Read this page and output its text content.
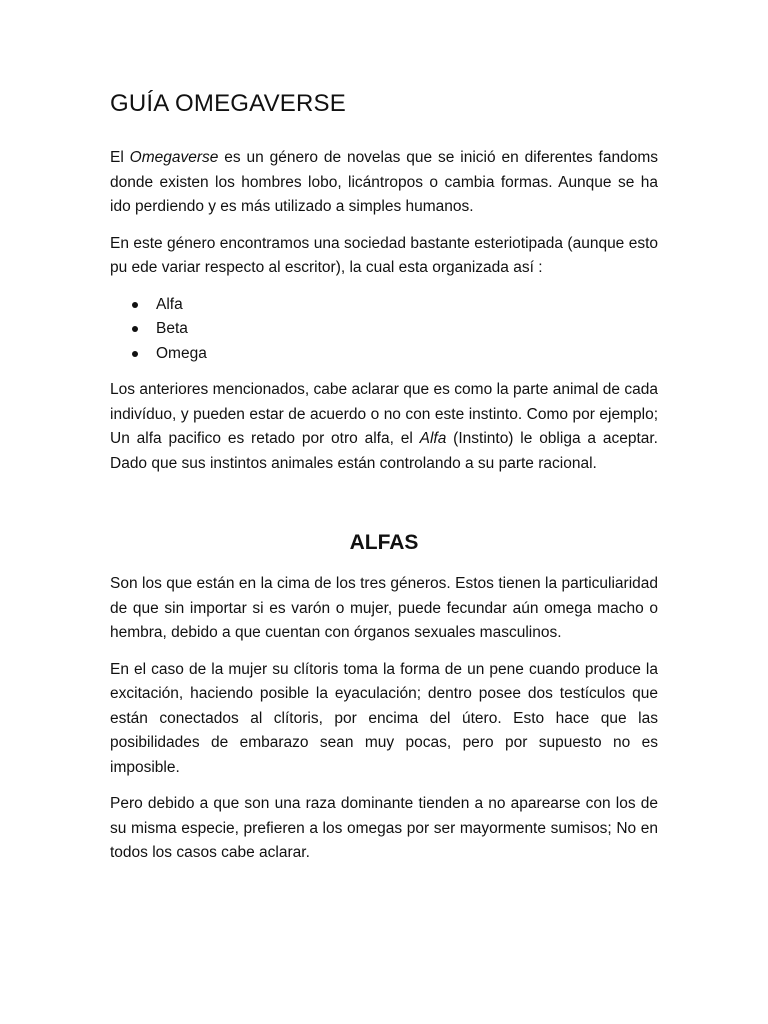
GUÍA OMEGAVERSE

El Omegaverse es un género de novelas que se inició en diferentes fandoms donde existen los hombres lobo, licántropos o cambia formas. Aunque se ha ido perdiendo y es más utilizado a simples humanos.

En este género encontramos una sociedad bastante esteriotipada (aunque esto pu ede variar respecto al escritor), la cual esta organizada así :

Alfa
Beta
Omega

Los anteriores mencionados, cabe aclarar que es como la parte animal de cada indivíduo, y pueden estar de acuerdo o no con este instinto. Como por ejemplo; Un alfa pacifico es retado por otro alfa, el Alfa (Instinto) le obliga a aceptar. Dado que sus instintos animales están controlando a su parte racional.

ALFAS

Son los que están en la cima de los tres géneros. Estos tienen la particuliaridad de que sin importar si es varón o mujer, puede fecundar aún omega macho o hembra, debido a que cuentan con órganos sexuales masculinos.

En el caso de la mujer su clítoris toma la forma de un pene cuando produce la excitación, haciendo posible la eyaculación; dentro posee dos testículos que están conectados al clítoris, por encima del útero. Esto hace que las posibilidades de embarazo sean muy pocas, pero por supuesto no es imposible.

Pero debido a que son una raza dominante tienden a no aparearse con los de su misma especie, prefieren a los omegas por ser mayormente sumisos; No en todos los casos cabe aclarar.
